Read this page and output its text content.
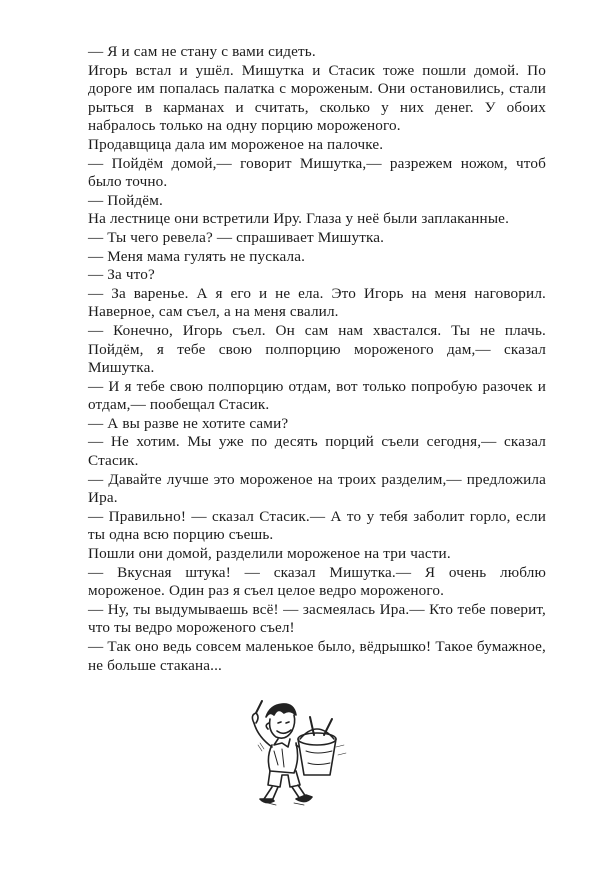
— Я и сам не стану с вами сидеть.

Игорь встал и ушёл. Мишутка и Стасик тоже пошли домой. По дороге им попалась палатка с мороженым. Они остановились, стали рыться в карманах и считать, сколько у них денег. У обоих набралось только на одну порцию мороженого.

Продавщица дала им мороженое на палочке.

— Пойдём домой,— говорит Мишутка,— разрежем ножом, чтоб было точно.

— Пойдём.

На лестнице они встретили Иру. Глаза у неё были заплаканные.

— Ты чего ревела? — спрашивает Мишутка.

— Меня мама гулять не пускала.

— За что?

— За варенье. А я его и не ела. Это Игорь на меня наговорил. Наверное, сам съел, а на меня свалил.

— Конечно, Игорь съел. Он сам нам хвастался. Ты не плачь. Пойдём, я тебе свою полпорцию мороженого дам,— сказал Мишутка.

— И я тебе свою полпорцию отдам, вот только попробую разочек и отдам,— пообещал Стасик.

— А вы разве не хотите сами?

— Не хотим. Мы уже по десять порций съели сегодня,— сказал Стасик.

— Давайте лучше это мороженое на троих разделим,— предложила Ира.

— Правильно! — сказал Стасик.— А то у тебя заболит горло, если ты одна всю порцию съешь.

Пошли они домой, разделили мороженое на три части.

— Вкусная штука! — сказал Мишутка.— Я очень люблю мороженое. Один раз я съел целое ведро мороженого.

— Ну, ты выдумываешь всё! — засмеялась Ира.— Кто тебе поверит, что ты ведро мороженого съел!

— Так оно ведь совсем маленькое было, вёдрышко! Такое бумажное, не больше стакана...
